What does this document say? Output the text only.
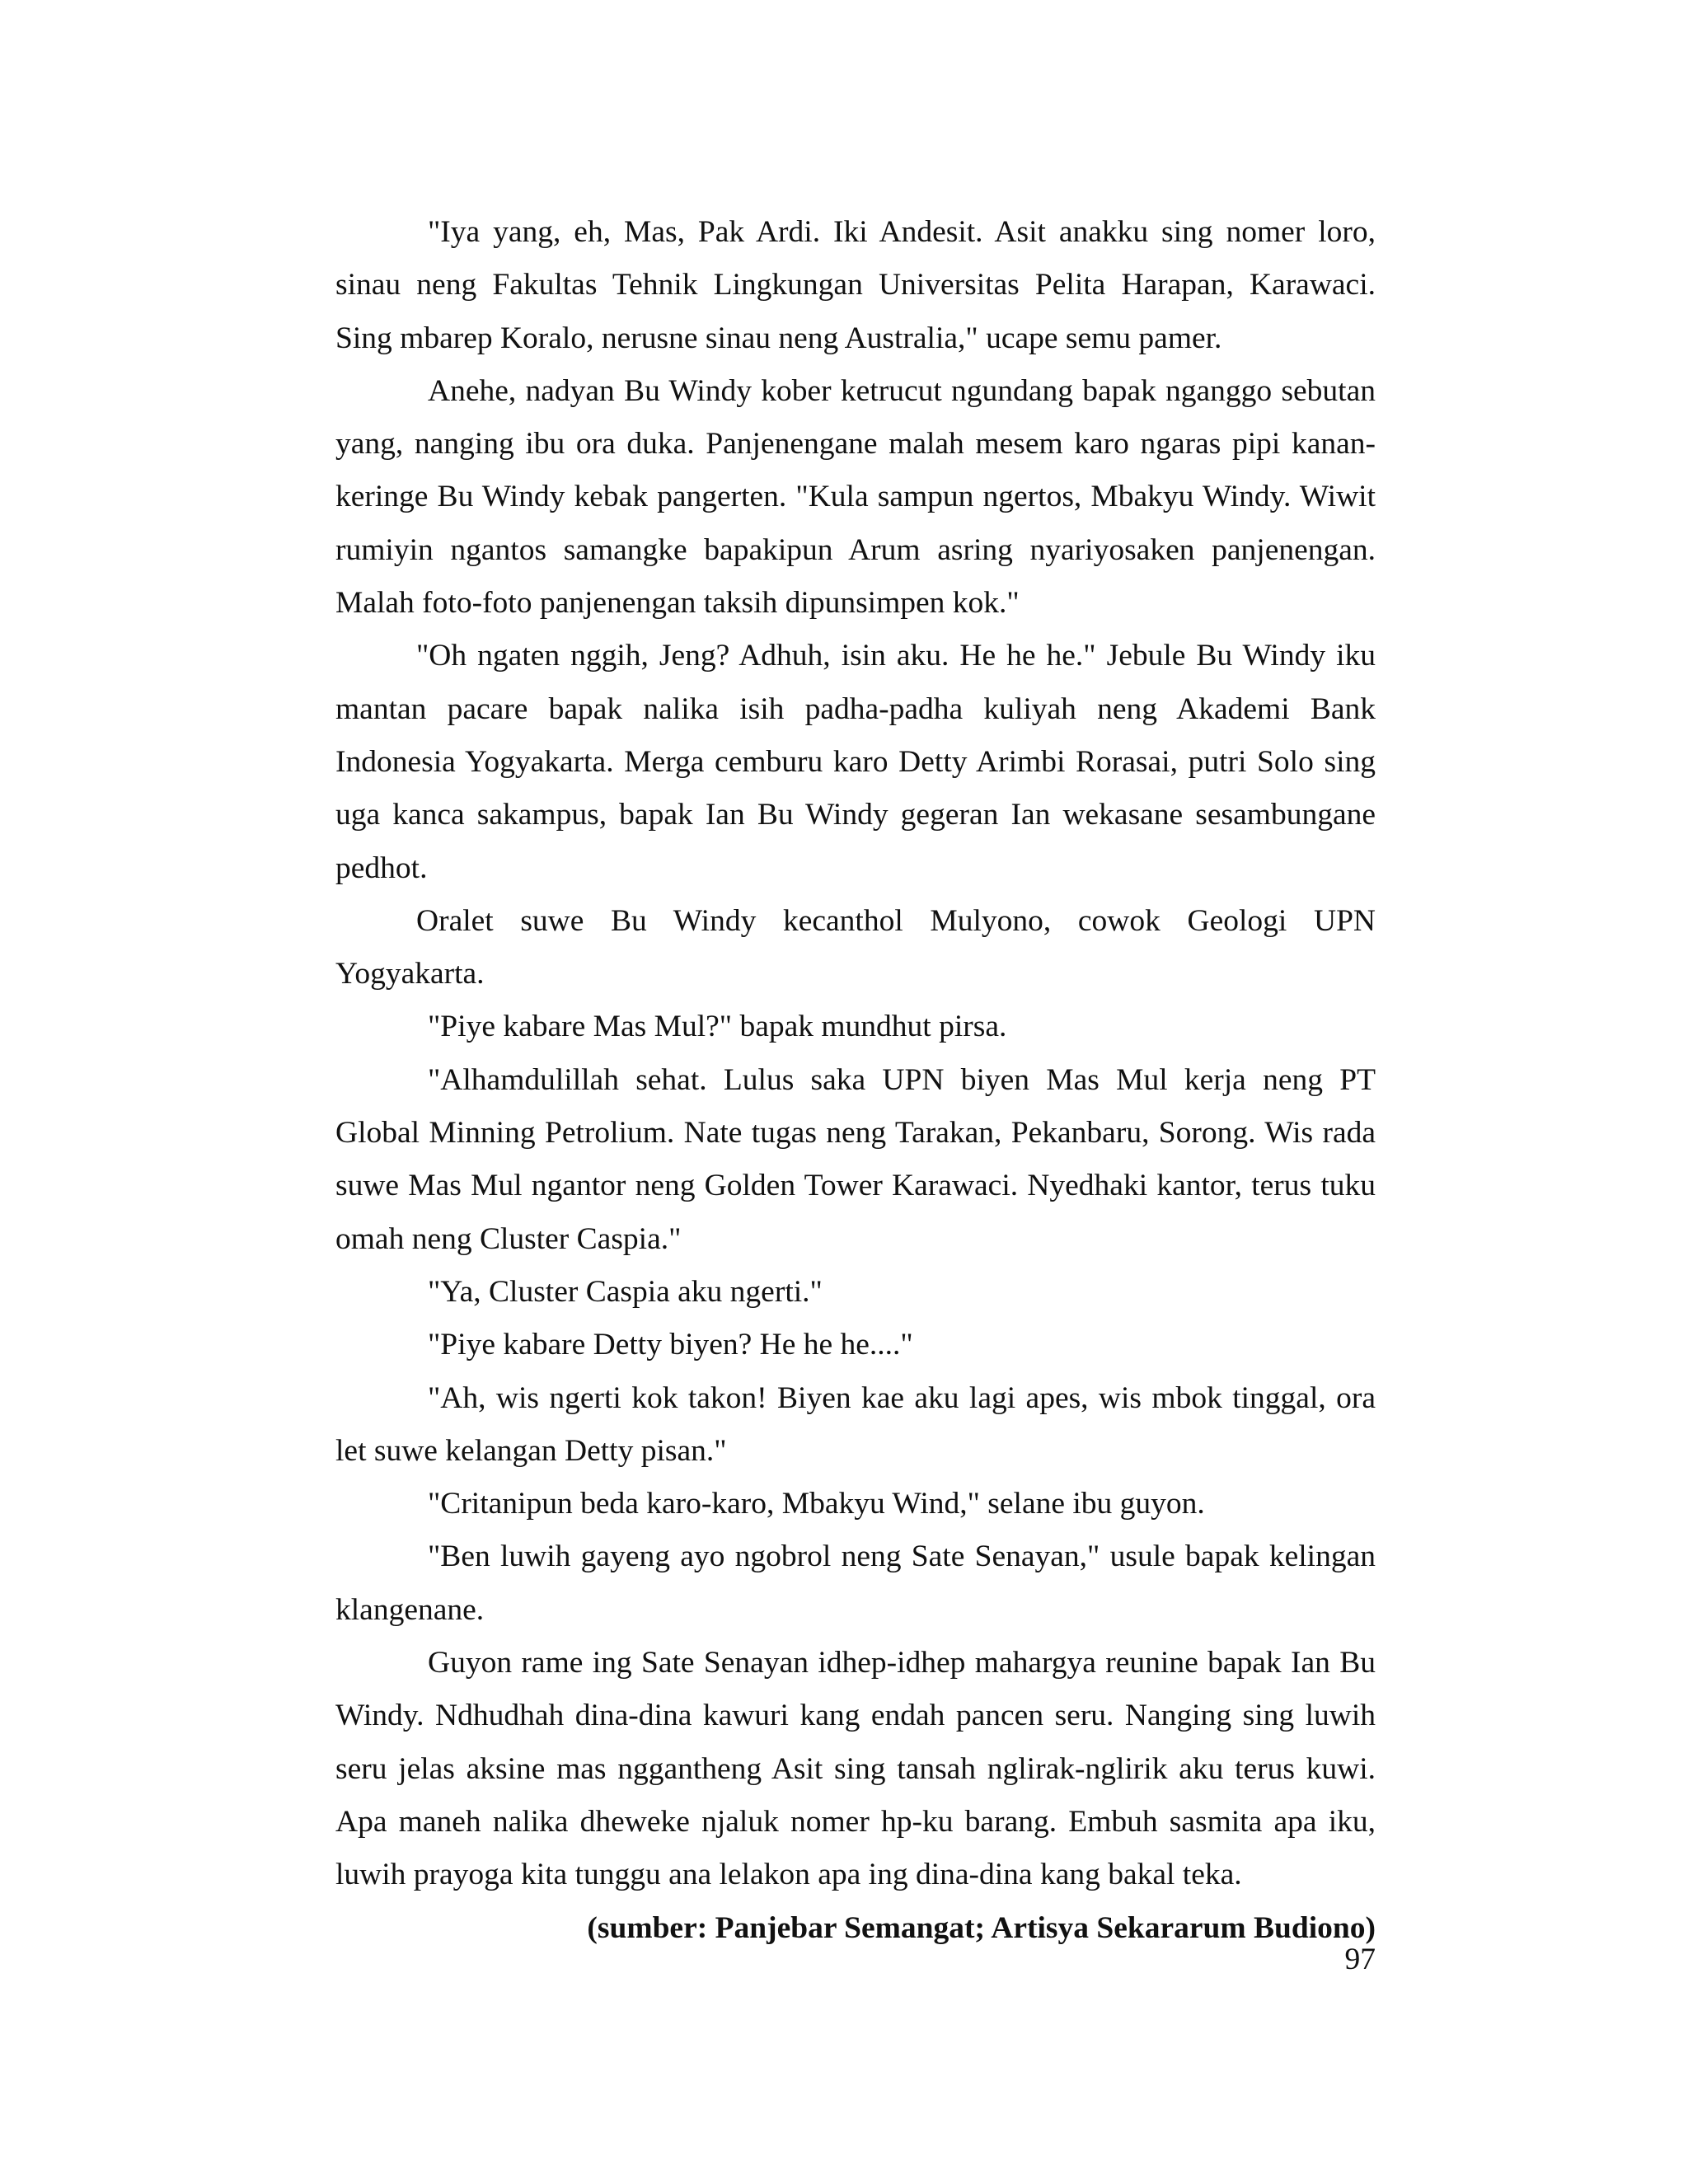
"Iya yang, eh, Mas, Pak Ardi. Iki Andesit. Asit anakku sing nomer loro, sinau neng Fakultas Tehnik Lingkungan Universitas Pelita Harapan, Karawaci. Sing mbarep Koralo, nerusne sinau neng Australia," ucape semu pamer.

Anehe, nadyan Bu Windy kober ketrucut ngundang bapak nganggo sebutan yang, nanging ibu ora duka. Panjenengane malah mesem karo ngaras pipi kanan-keringe Bu Windy kebak pangerten. "Kula sampun ngertos, Mbakyu Windy. Wiwit rumiyin ngantos samangke bapakipun Arum asring nyariyosaken panjenengan. Malah foto-foto panjenengan taksih dipunsimpen kok."

"Oh ngaten nggih, Jeng? Adhuh, isin aku. He he he." Jebule Bu Windy iku mantan pacare bapak nalika isih padha-padha kuliyah neng Akademi Bank Indonesia Yogyakarta. Merga cemburu karo Detty Arimbi Rorasai, putri Solo sing uga kanca sakampus, bapak Ian Bu Windy gegeran Ian wekasane sesambungane pedhot.

Oralet suwe Bu Windy kecanthol Mulyono, cowok Geologi UPN Yogyakarta.

"Piye kabare Mas Mul?" bapak mundhut pirsa.

"Alhamdulillah sehat. Lulus saka UPN biyen Mas Mul kerja neng PT Global Minning Petrolium. Nate tugas neng Tarakan, Pekanbaru, Sorong. Wis rada suwe Mas Mul ngantor neng Golden Tower Karawaci. Nyedhaki kantor, terus tuku omah neng Cluster Caspia."

"Ya, Cluster Caspia aku ngerti."

"Piye kabare Detty biyen? He he he...."

"Ah, wis ngerti kok takon! Biyen kae aku lagi apes, wis mbok tinggal, ora let suwe kelangan Detty pisan."

"Critanipun beda karo-karo, Mbakyu Wind," selane ibu guyon.

"Ben luwih gayeng ayo ngobrol neng Sate Senayan," usule bapak kelingan klangenane.

Guyon rame ing Sate Senayan idhep-idhep mahargya reunine bapak Ian Bu Windy. Ndhudhah dina-dina kawuri kang endah pancen seru. Nanging sing luwih seru jelas aksine mas nggantheng Asit sing tansah nglirak-nglirik aku terus kuwi. Apa maneh nalika dheweke njaluk nomer hp-ku barang. Embuh sasmita apa iku, luwih prayoga kita tunggu ana lelakon apa ing dina-dina kang bakal teka.

(sumber: Panjebar Semangat; Artisya Sekararum Budiono)

97
